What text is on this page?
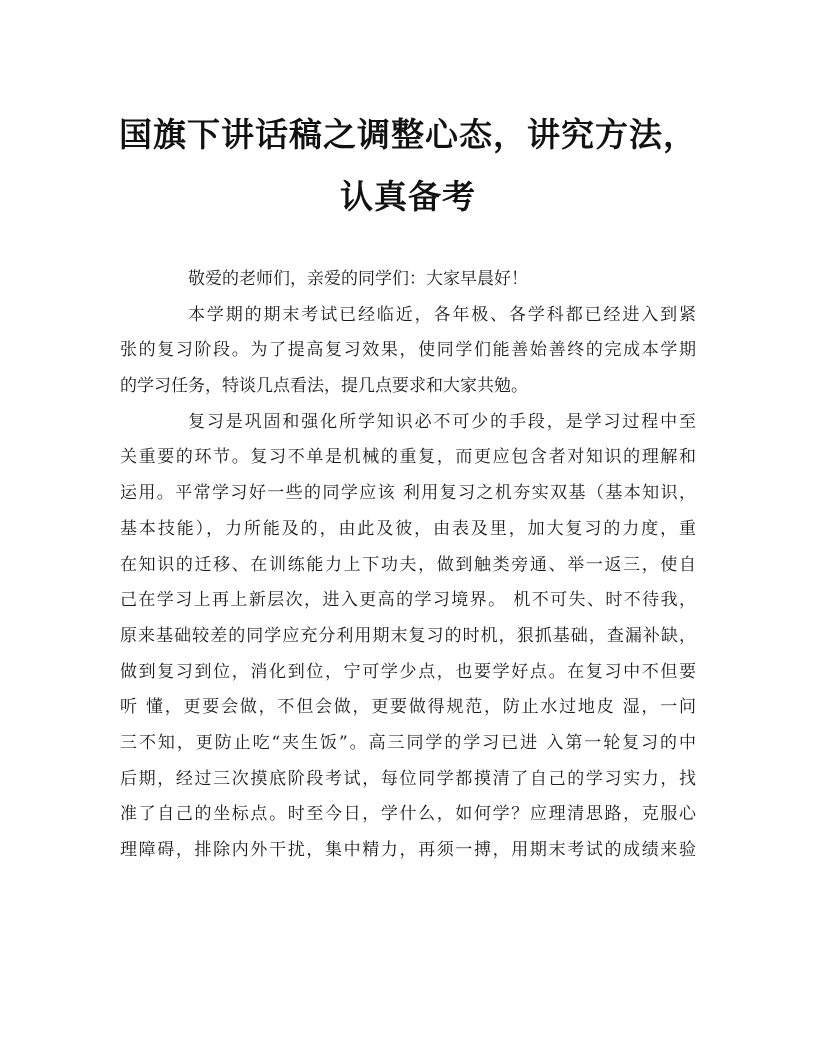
国旗下讲话稿之调整心态，讲究方法，
认真备考

敬爱的老师们，亲爱的同学们：大家早晨好！

本学期的期末考试已经临近，各年极、各学科都已经进入到紧
张的复习阶段。为了提高复习效果，使同学们能善始善终的完成本学期
的学习任务，特谈几点看法，提几点要求和大家共勉。

复习是巩固和强化所学知识必不可少的手段，是学习过程中至
关重要的环节。复习不单是机械的重复，而更应包含者对知识的理解和
运用。平常学习好一些的同学应该 利用复习之机夯实双基（基本知识，
基本技能），力所能及的，由此及彼，由表及里，加大复习的力度，重
在知识的迁移、在训练能力上下功夫，做到触类旁通、举一返三，使自
己在学习上再上新层次，进入更高的学习境界。 机不可失、时不待我，
原来基础较差的同学应充分利用期末复习的时机，狠抓基础，查漏补缺，
做到复习到位，消化到位，宁可学少点，也要学好点。在复习中不但要
听 懂，更要会做，不但会做，更要做得规范，防止水过地皮 湿，一问
三不知，更防止吃“夹生饭”。高三同学的学习已进 入第一轮复习的中
后期，经过三次摸底阶段考试，每位同学都摸清了自己的学习实力，找
准了自己的坐标点。时至今日，学什么，如何学？应理清思路，克服心
理障碍，排除内外干扰，集中精力，再须一搏，用期末考试的成绩来验
